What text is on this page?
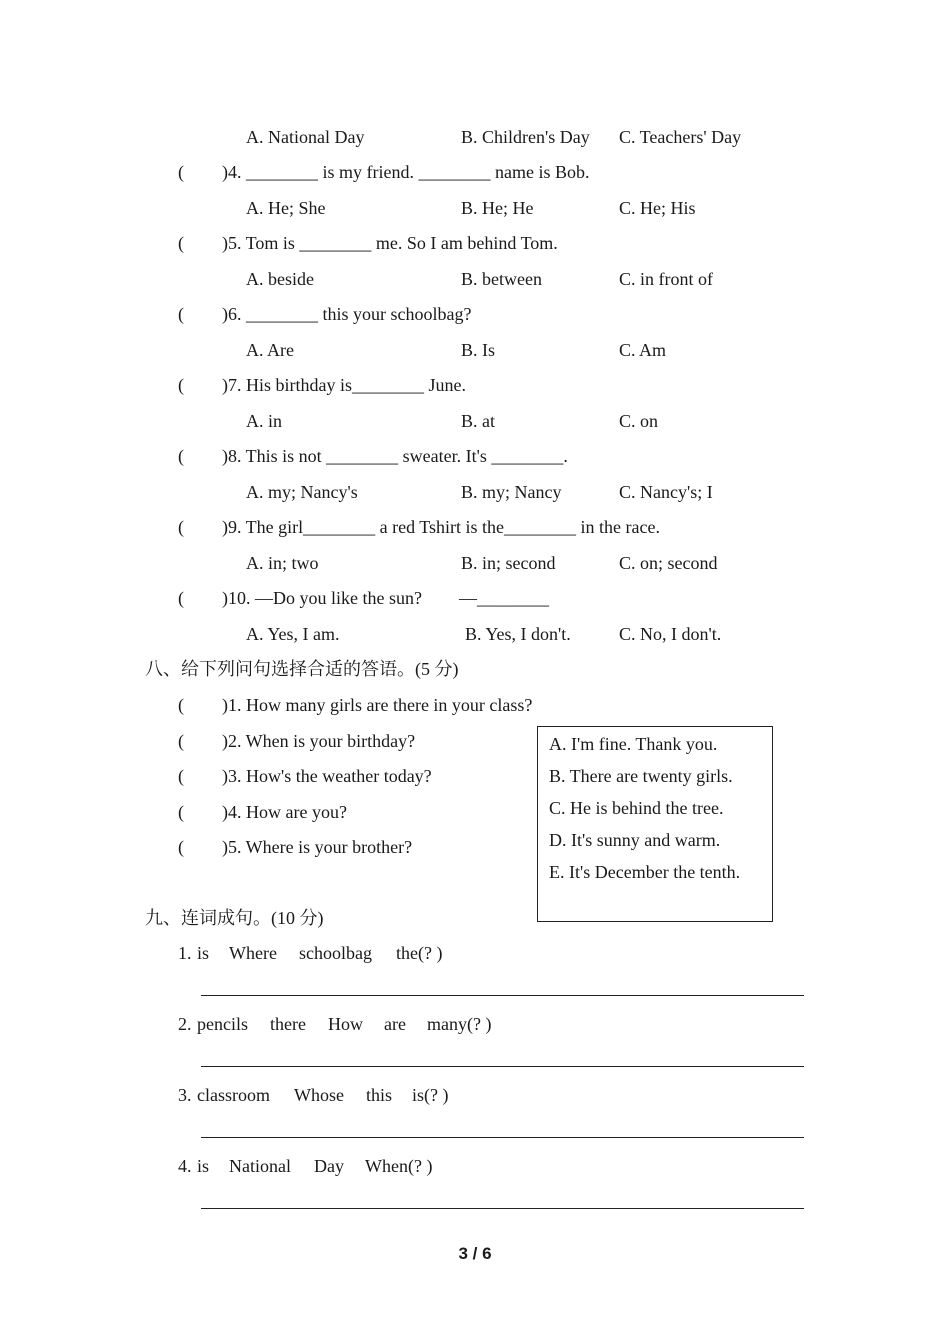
A. National Day	B. Children's Day C. Teachers' Day
( )4. ________ is my friend. ________ name is Bob.
A. He; She	B. He; He	C. He; His
( )5. Tom is ________ me. So I am behind Tom.
A. beside	B. between	C. in front of
( )6. ________ this your schoolbag?
A. Are	B. Is	C. Am
( )7. His birthday is________ June.
A. in	B. at	C. on
( )8. This is not ________ sweater. It's ________.
A. my; Nancy's	B. my; Nancy	C. Nancy's; I
( )9. The girl________ a red Tshirt is the________ in the race.
A. in; two	B. in; second	C. on; second
( )10. —Do you like the sun? —________
A. Yes, I am.	B. Yes, I don't.	C. No, I don't.
八、给下列问句选择合适的答语。(5 分)
( )1. How many girls are there in your class?
( )2. When is your birthday?
( )3. How's the weather today?
( )4. How are you?
( )5. Where is your brother?
A. I'm fine. Thank you.
B. There are twenty girls.
C. He is behind the tree.
D. It's sunny and warm.
E. It's December the tenth.
九、连词成句。(10 分)
1. is Where schoolbag the(? )
2. pencils there How are many(? )
3. classroom Whose this is(? )
4. is National Day When(? )
3 / 6
